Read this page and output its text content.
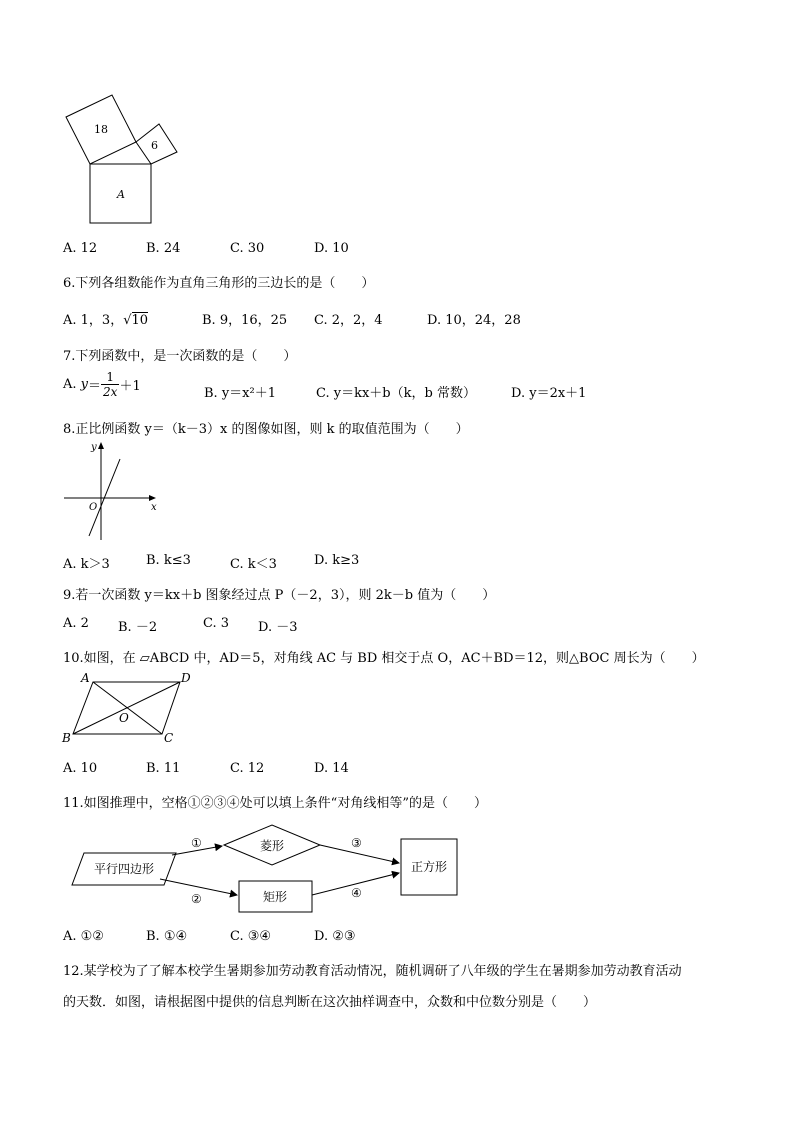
18
6
A
A. 12	B. 24	C. 30	D. 10
6.下列各组数能作为直角三角形的三边长的是（　　）
A. 1，3，√10	B. 9，16，25 C. 2，2，4	D. 10，24，28
7.下列函数中，是一次函数的是（　　）
A. $y= \frac{1}{2x} +1$	B. y＝x²＋1	C. y＝kx＋b（k，b 常数）	D. y＝2x＋1
8.正比例函数 y＝（k－3）x 的图像如图，则 k 的取值范围为（　　）
y
x
O
A. k＞3	B. k≤3	C. k＜3	D. k≥3
9.若一次函数 y＝kx＋b 图象经过点 P（－2，3），则 2k－b 值为（　　）
A. 2 B. －2	C. 3 D. －3
10.如图，在 ▱ABCD 中，AD＝5，对角线 AC 与 BD 相交于点 O，AC＋BD＝12，则△BOC 周长为（　　）
A	D
O
B	C
A. 10	B. 11	C. 12	D. 14
11.如图推理中，空格①②③④处可以填上条件“对角线相等”的是（　　）
平行四边形
菱形
矩形
正方形
①
②
③
④
A. ①②	B. ①④	C. ③④	D. ②③
12.某学校为了了解本校学生暑期参加劳动教育活动情况，随机调研了八年级的学生在暑期参加劳动教育活动
的天数．如图，请根据图中提供的信息判断在这次抽样调查中，众数和中位数分别是（　　）
